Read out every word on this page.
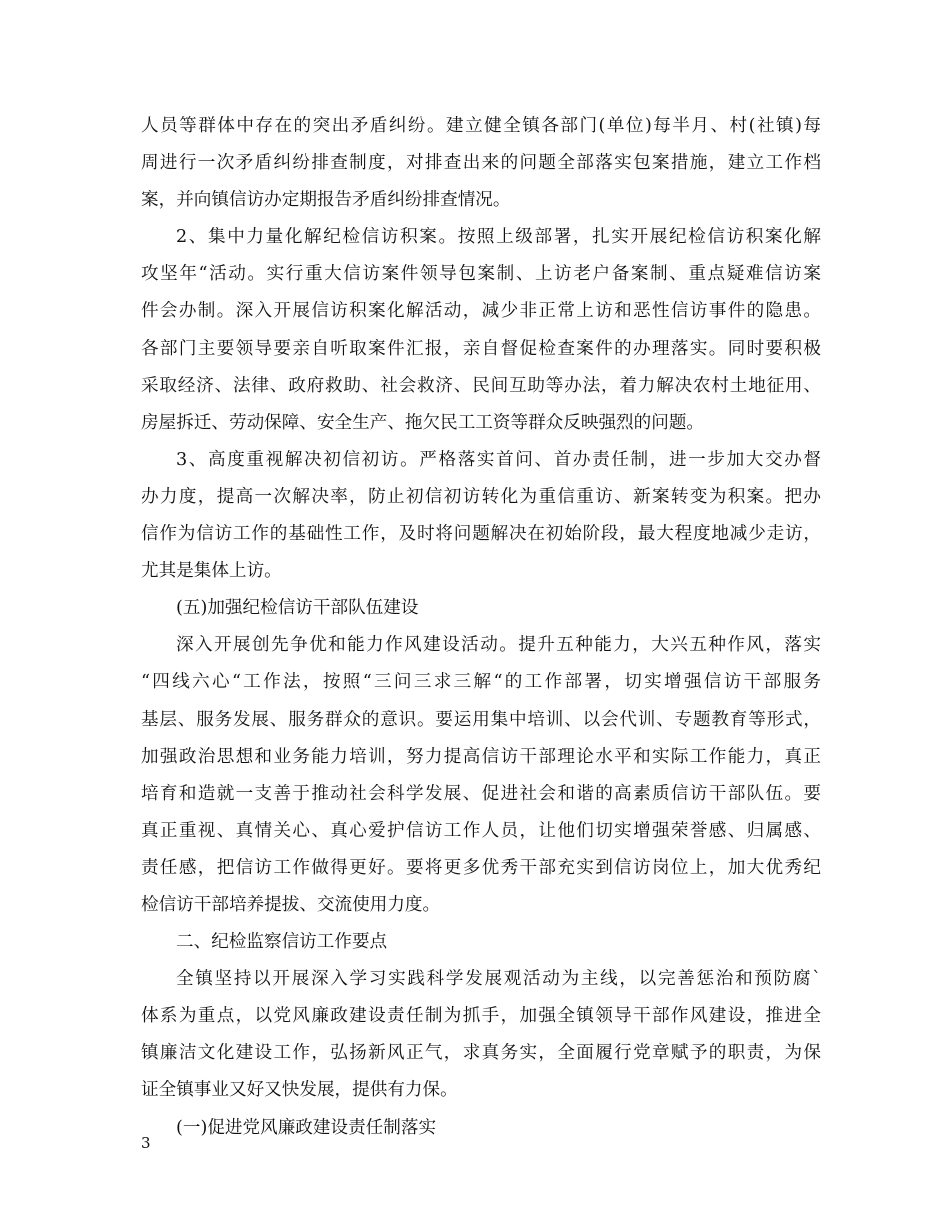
人员等群体中存在的突出矛盾纠纷。建立健全镇各部门(单位)每半月、村(社镇)每
周进行一次矛盾纠纷排查制度，对排查出来的问题全部落实包案措施，建立工作档
案，并向镇信访办定期报告矛盾纠纷排查情况。
2、集中力量化解纪检信访积案。按照上级部署，扎实开展纪检信访积案化解
攻坚年“活动。实行重大信访案件领导包案制、上访老户备案制、重点疑难信访案
件会办制。深入开展信访积案化解活动，减少非正常上访和恶性信访事件的隐患。
各部门主要领导要亲自听取案件汇报，亲自督促检查案件的办理落实。同时要积极
采取经济、法律、政府救助、社会救济、民间互助等办法，着力解决农村土地征用、
房屋拆迁、劳动保障、安全生产、拖欠民工工资等群众反映强烈的问题。
3、高度重视解决初信初访。严格落实首问、首办责任制，进一步加大交办督
办力度，提高一次解决率，防止初信初访转化为重信重访、新案转变为积案。把办
信作为信访工作的基础性工作，及时将问题解决在初始阶段，最大程度地减少走访，
尤其是集体上访。
(五)加强纪检信访干部队伍建设
深入开展创先争优和能力作风建设活动。提升五种能力，大兴五种作风，落实
“四线六心“工作法，按照“三问三求三解“的工作部署，切实增强信访干部服务
基层、服务发展、服务群众的意识。要运用集中培训、以会代训、专题教育等形式，
加强政治思想和业务能力培训，努力提高信访干部理论水平和实际工作能力，真正
培育和造就一支善于推动社会科学发展、促进社会和谐的高素质信访干部队伍。要
真正重视、真情关心、真心爱护信访工作人员，让他们切实增强荣誉感、归属感、
责任感，把信访工作做得更好。要将更多优秀干部充实到信访岗位上，加大优秀纪
检信访干部培养提拔、交流使用力度。
二、纪检监察信访工作要点
全镇坚持以开展深入学习实践科学发展观活动为主线，以完善惩治和预防腐`
体系为重点，以党风廉政建设责任制为抓手，加强全镇领导干部作风建设，推进全
镇廉洁文化建设工作，弘扬新风正气，求真务实，全面履行党章赋予的职责，为保
证全镇事业又好又快发展，提供有力保。
(一)促进党风廉政建设责任制落实
3
